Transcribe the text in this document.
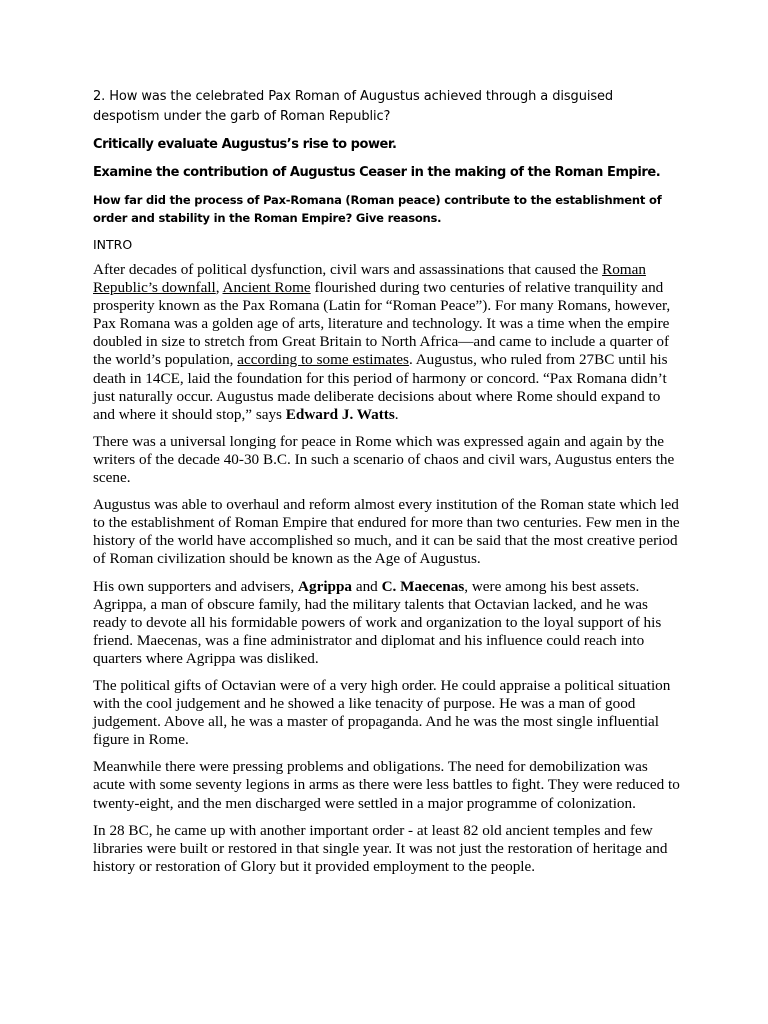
2. How was the celebrated Pax Roman of Augustus achieved through a disguised despotism under the garb of Roman Republic?

Critically evaluate Augustus’s rise to power.

Examine the contribution of Augustus Ceaser in the making of the Roman Empire.

How far did the process of Pax-Romana (Roman peace) contribute to the establishment of order and stability in the Roman Empire? Give reasons.

INTRO

After decades of political dysfunction, civil wars and assassinations that caused the Roman Republic’s downfall, Ancient Rome flourished during two centuries of relative tranquility and prosperity known as the Pax Romana (Latin for “Roman Peace”). For many Romans, however, Pax Romana was a golden age of arts, literature and technology. It was a time when the empire doubled in size to stretch from Great Britain to North Africa—and came to include a quarter of the world’s population, according to some estimates. Augustus, who ruled from 27BC until his death in 14CE, laid the foundation for this period of harmony or concord. “Pax Romana didn’t just naturally occur. Augustus made deliberate decisions about where Rome should expand to and where it should stop,” says Edward J. Watts.

There was a universal longing for peace in Rome which was expressed again and again by the writers of the decade 40-30 B.C. In such a scenario of chaos and civil wars, Augustus enters the scene.

Augustus was able to overhaul and reform almost every institution of the Roman state which led to the establishment of Roman Empire that endured for more than two centuries. Few men in the history of the world have accomplished so much, and it can be said that the most creative period of Roman civilization should be known as the Age of Augustus.

His own supporters and advisers, Agrippa and C. Maecenas, were among his best assets. Agrippa, a man of obscure family, had the military talents that Octavian lacked, and he was ready to devote all his formidable powers of work and organization to the loyal support of his friend. Maecenas, was a fine administrator and diplomat and his influence could reach into quarters where Agrippa was disliked.

The political gifts of Octavian were of a very high order. He could appraise a political situation with the cool judgement and he showed a like tenacity of purpose. He was a man of good judgement. Above all, he was a master of propaganda. And he was the most single influential figure in Rome.

Meanwhile there were pressing problems and obligations. The need for demobilization was acute with some seventy legions in arms as there were less battles to fight. They were reduced to twenty-eight, and the men discharged were settled in a major programme of colonization.

In 28 BC, he came up with another important order - at least 82 old ancient temples and few libraries were built or restored in that single year. It was not just the restoration of heritage and history or restoration of Glory but it provided employment to the people.
